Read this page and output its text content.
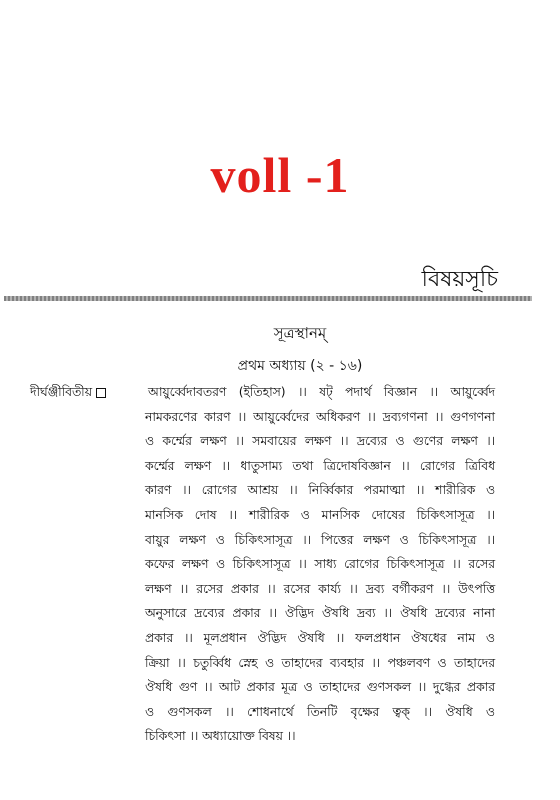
voll -1
বিষয়সূচি
সূত্রস্থানম্
প্রথম অধ্যায় (২ - ১৬)
দীর্ঘঞ্জীবিতীয়	আয়ুর্ব্বেদাবতরণ (ইতিহাস) ।। ষট্ পদার্থ বিজ্ঞান ।। আয়ুর্ব্বেদ
নামকরণের কারণ ।। আয়ুর্ব্বেদের অধিকরণ ।। দ্রব্যগণনা ।। গুণগণনা
ও কর্ম্মের লক্ষণ ।। সমবায়ের লক্ষণ ।। দ্রব্যের ও গুণের লক্ষণ ।।
কর্ম্মের লক্ষণ ।। ধাতুসাম্য তথা ত্রিদোষবিজ্ঞান ।। রোগের ত্রিবিধ
কারণ ।। রোগের আশ্রয় ।। নির্ব্বিকার পরমাত্মা ।। শারীরিক ও
মানসিক দোষ ।। শারীরিক ও মানসিক দোষের চিকিৎসাসূত্র ।।
বায়ুর লক্ষণ ও চিকিৎসাসূত্র ।। পিত্তের লক্ষণ ও চিকিৎসাসূত্র ।।
কফের লক্ষণ ও চিকিৎসাসূত্র ।। সাধ্য রোগের চিকিৎসাসূত্র ।। রসের
লক্ষণ ।। রসের প্রকার ।। রসের কার্য্য ।। দ্রব্য বর্গীকরণ ।। উৎপত্তি
অনুসারে দ্রব্যের প্রকার ।। ঔদ্ভিদ ঔষধি দ্রব্য ।। ঔষধি দ্রব্যের নানা
প্রকার ।। মূলপ্রধান ঔদ্ভিদ ঔষধি ।। ফলপ্রধান ঔষধের নাম ও
ক্রিয়া ।। চতুর্ব্বিধ স্নেহ ও তাহাদের ব্যবহার ।। পঞ্চলবণ ও তাহাদের
ঔষধি গুণ ।। আট প্রকার মূত্র ও তাহাদের গুণসকল ।। দুগ্ধের প্রকার
ও গুণসকল ।। শোধনার্থে তিনটি বৃক্ষের ত্বক্ ।। ঔষধি ও
চিকিৎসা ।। অধ্যায়োক্ত বিষয় ।।
